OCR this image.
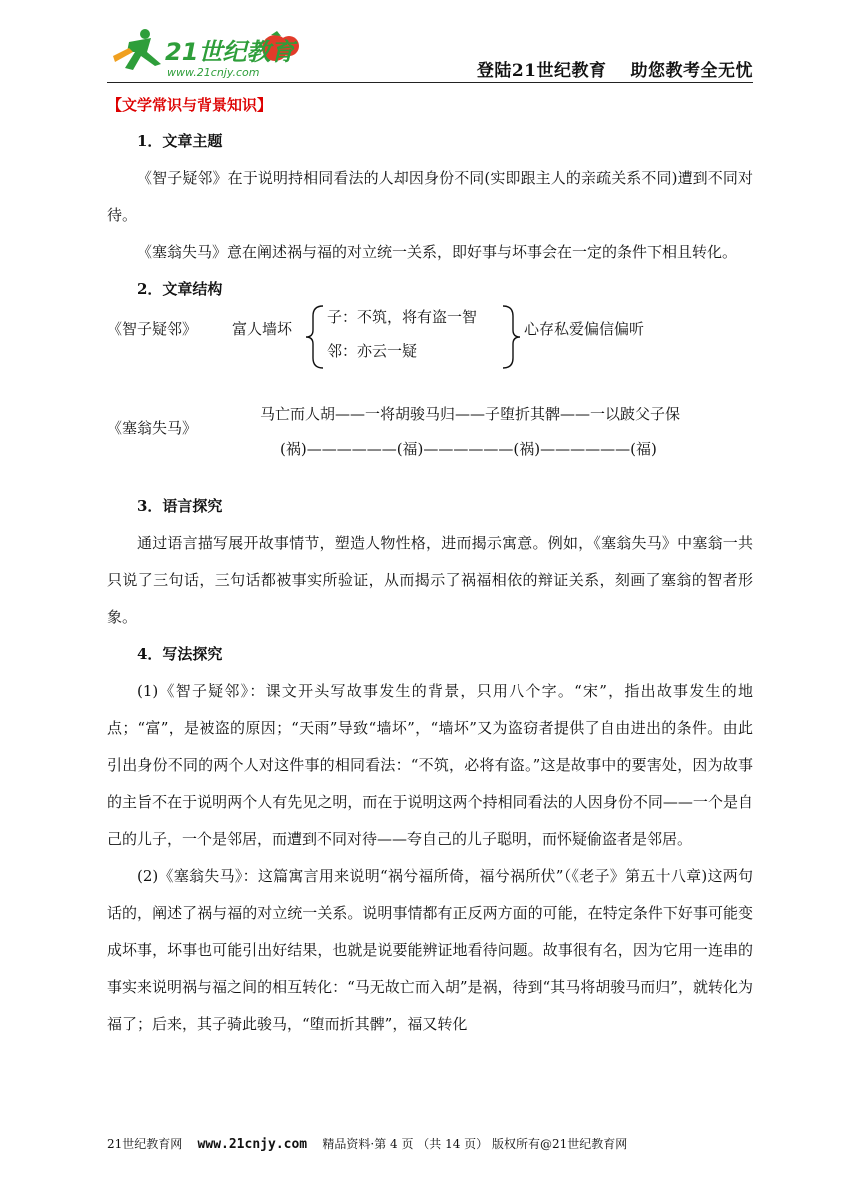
21世纪教育
www.21cnjy.com	登陆21世纪教育 助您教考全无忧

【文学常识与背景知识】

1．文章主题

《智子疑邻》在于说明持相同看法的人却因身份不同(实即跟主人的亲疏关系不同)遭到不同对待。

《塞翁失马》意在阐述祸与福的对立统一关系，即好事与坏事会在一定的条件下相且转化。

2．文章结构

《智子疑邻》 富人墙坏
子：不筑，将有盗一智
邻：亦云一疑
心存私爱偏信偏听
《塞翁失马》
马亡而人胡——一将胡骏马归——子堕折其髀——一以跛父子保
(祸)——————(福)——————(祸)——————(福)

3．语言探究

通过语言描写展开故事情节，塑造人物性格，进而揭示寓意。例如，《塞翁失马》中塞翁一共只说了三句话，三句话都被事实所验证，从而揭示了祸福相依的辩证关系，刻画了塞翁的智者形象。

4．写法探究

(1)《智子疑邻》：课文开头写故事发生的背景，只用八个字。“宋”，指出故事发生的地点；“富”，是被盗的原因；“天雨”导致“墙坏”，“墙坏”又为盗窃者提供了自由进出的条件。由此引出身份不同的两个人对这件事的相同看法：“不筑，必将有盗。”这是故事中的要害处，因为故事的主旨不在于说明两个人有先见之明，而在于说明这两个持相同看法的人因身份不同——一个是自己的儿子，一个是邻居，而遭到不同对待——夸自己的儿子聪明，而怀疑偷盗者是邻居。

(2)《塞翁失马》：这篇寓言用来说明“祸兮福所倚，福兮祸所伏”（《老子》第五十八章)这两句话的，阐述了祸与福的对立统一关系。说明事情都有正反两方面的可能，在特定条件下好事可能变成坏事，坏事也可能引出好结果，也就是说要能辨证地看待问题。故事很有名，因为它用一连串的事实来说明祸与福之间的相互转化：“马无故亡而入胡”是祸，待到“其马将胡骏马而归”，就转化为福了；后来，其子骑此骏马，“堕而折其髀”，福又转化

21世纪教育网 www.21cnjy.com 精品资料·第 4 页 （共 14 页） 版权所有@21世纪教育网
